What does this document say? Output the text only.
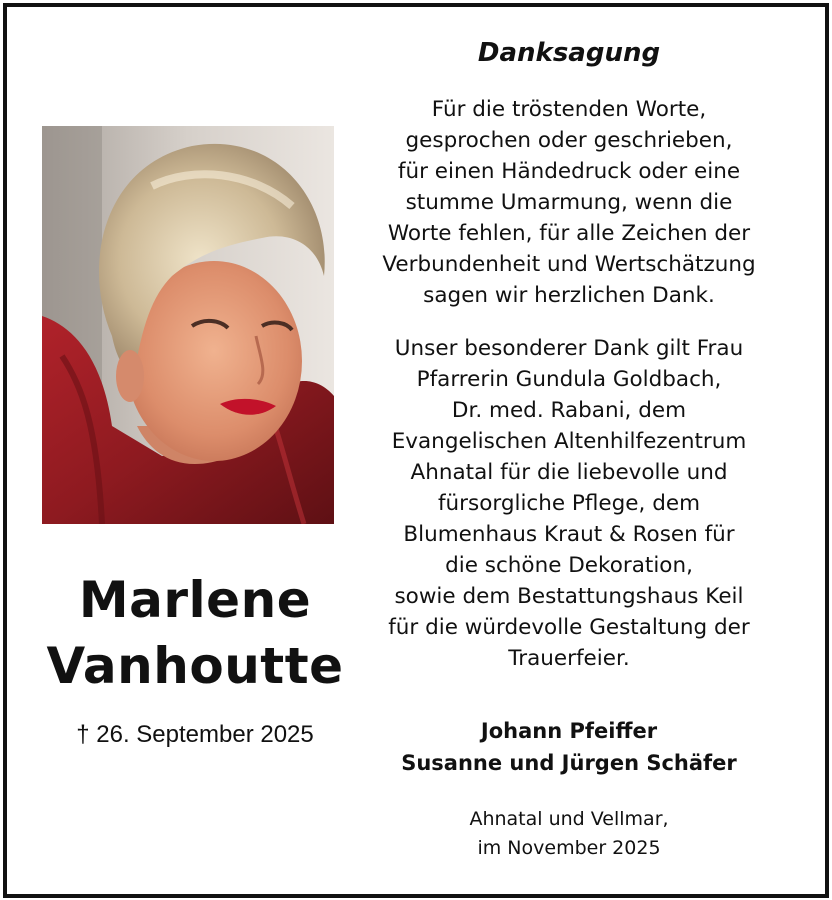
Marlene
Vanhoutte
† 26. September 2025
Danksagung
Für die tröstenden Worte,
gesprochen oder geschrieben,
für einen Händedruck oder eine
stumme Umarmung, wenn die
Worte fehlen, für alle Zeichen der
Verbundenheit und Wertschätzung
sagen wir herzlichen Dank.
Unser besonderer Dank gilt Frau
Pfarrerin Gundula Goldbach,
Dr. med. Rabani, dem
Evangelischen Altenhilfezentrum
Ahnatal für die liebevolle und
fürsorgliche Pflege, dem
Blumenhaus Kraut & Rosen für
die schöne Dekoration,
sowie dem Bestattungshaus Keil
für die würdevolle Gestaltung der
Trauerfeier.
Johann Pfeiffer
Susanne und Jürgen Schäfer
Ahnatal und Vellmar,
im November 2025
